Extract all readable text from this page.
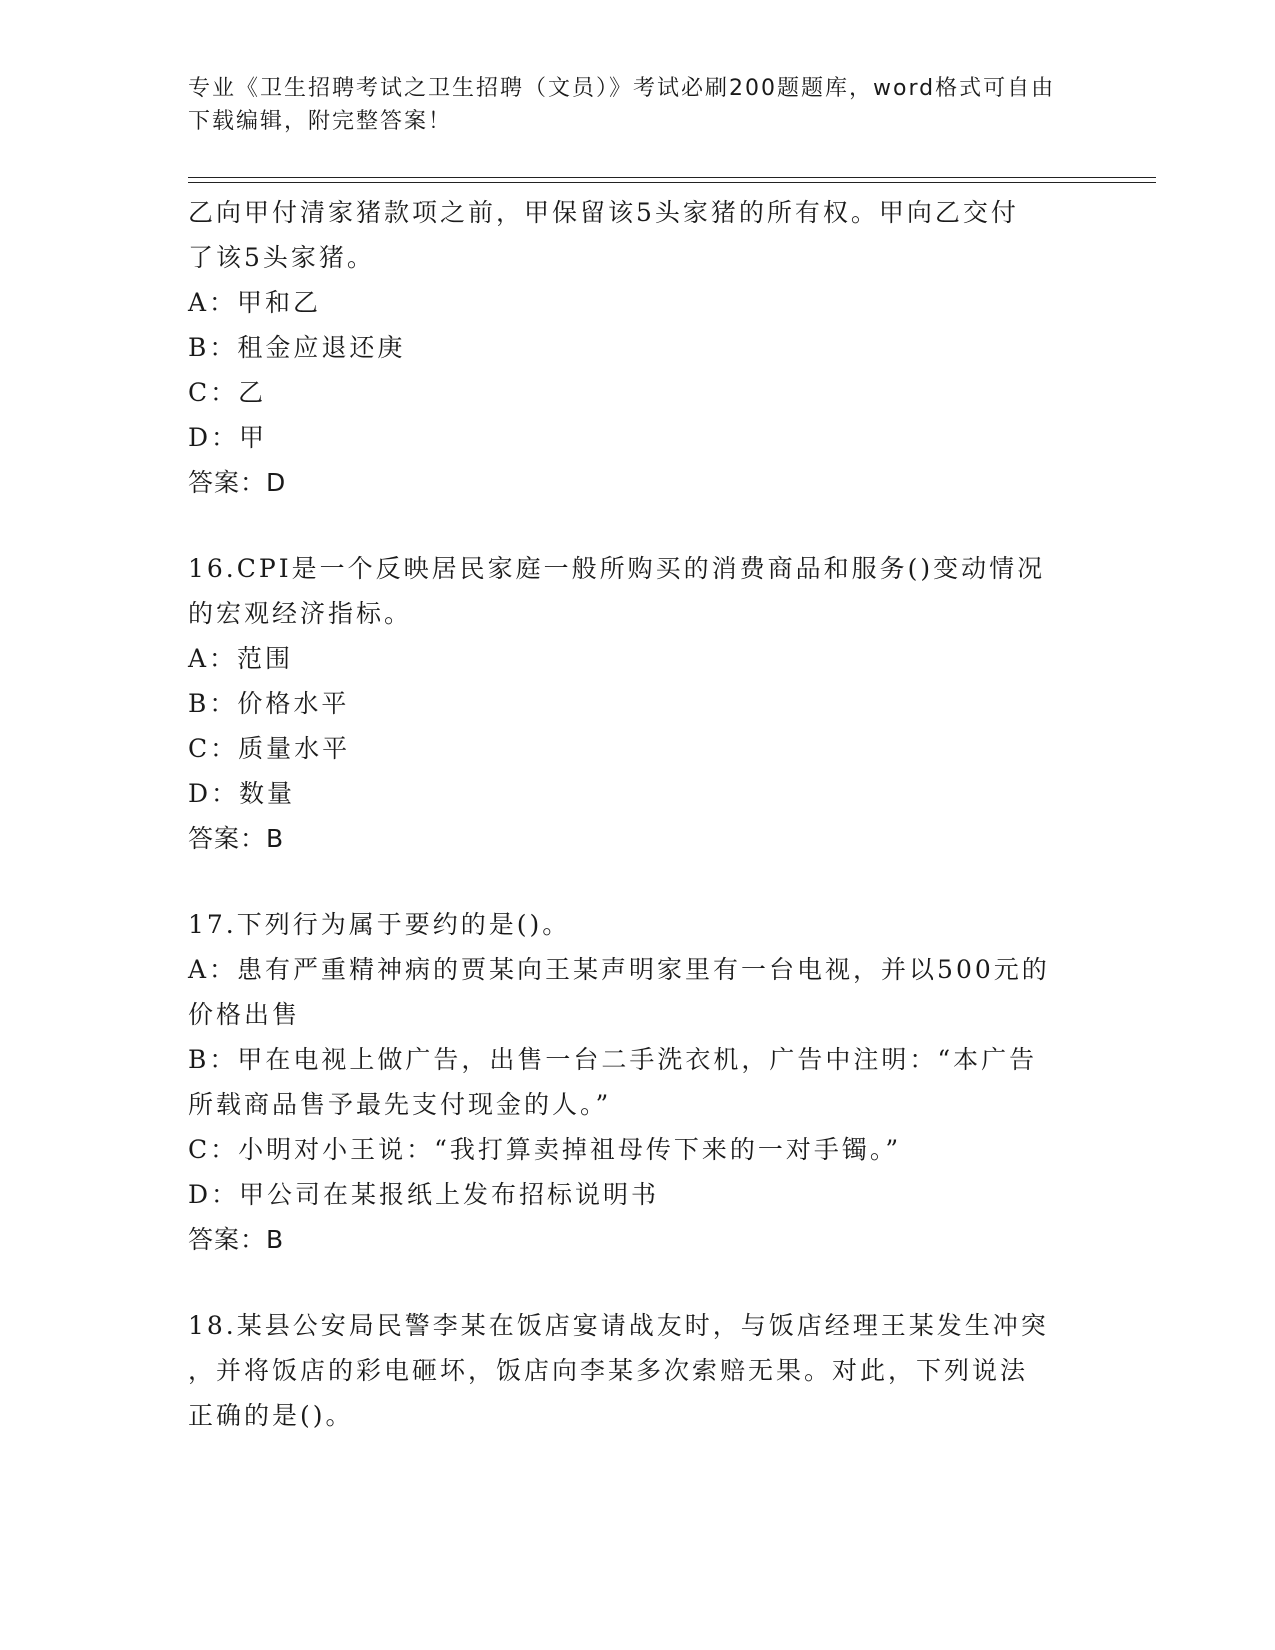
专业《卫生招聘考试之卫生招聘（文员）》考试必刷200题题库，word格式可自由下载编辑，附完整答案！
乙向甲付清家猪款项之前，甲保留该5头家猪的所有权。甲向乙交付
了该5头家猪。
A：甲和乙
B：租金应退还庚
C：乙
D：甲
答案：D
16.CPI是一个反映居民家庭一般所购买的消费商品和服务()变动情况
的宏观经济指标。
A：范围
B：价格水平
C：质量水平
D：数量
答案：B
17.下列行为属于要约的是()。
A：患有严重精神病的贾某向王某声明家里有一台电视，并以500元的
价格出售
B：甲在电视上做广告，出售一台二手洗衣机，广告中注明：“本广告
所载商品售予最先支付现金的人。”
C：小明对小王说：“我打算卖掉祖母传下来的一对手镯。”
D：甲公司在某报纸上发布招标说明书
答案：B
18.某县公安局民警李某在饭店宴请战友时，与饭店经理王某发生冲突
，并将饭店的彩电砸坏，饭店向李某多次索赔无果。对此，下列说法
正确的是()。
